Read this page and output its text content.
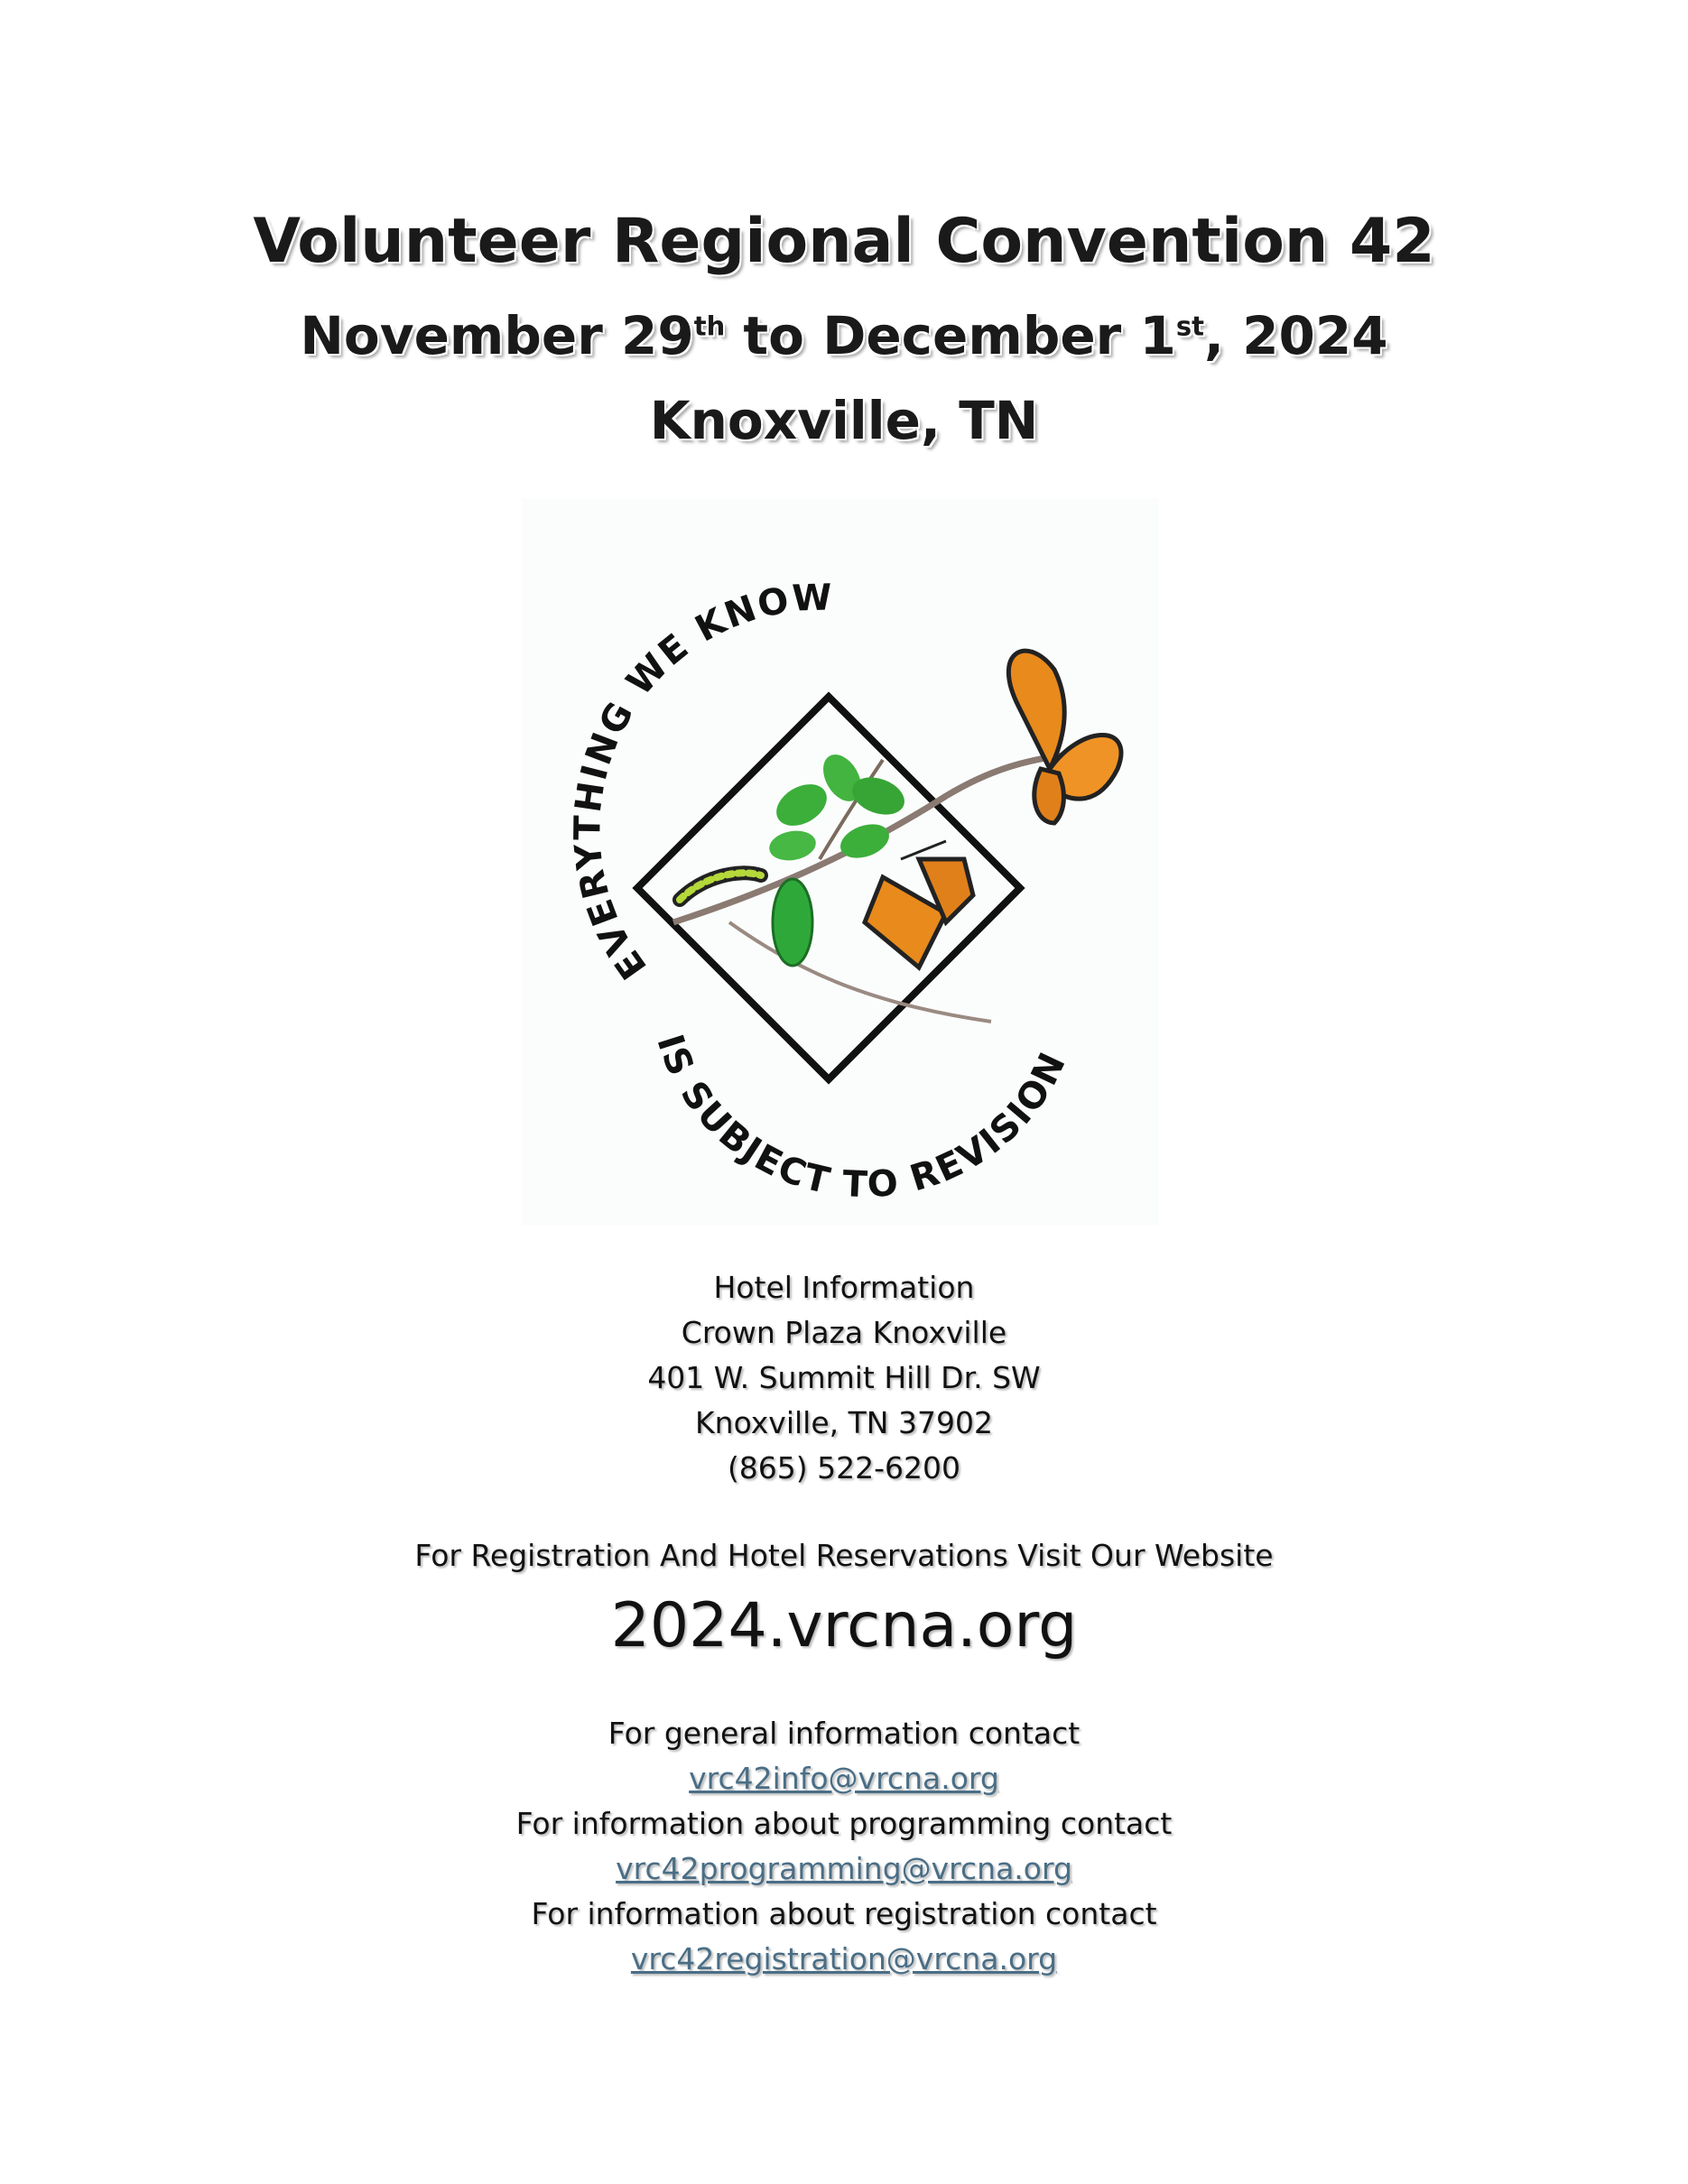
Volunteer Regional Convention 42
November 29th to December 1st, 2024
Knoxville, TN
EVERYTHING WE KNOW
IS SUBJECT TO REVISION
Hotel Information
Crown Plaza Knoxville
401 W. Summit Hill Dr. SW
Knoxville, TN 37902
(865) 522-6200
For Registration And Hotel Reservations Visit Our Website
2024.vrcna.org
For general information contact
vrc42info@vrcna.org
For information about programming contact
vrc42programming@vrcna.org
For information about registration contact
vrc42registration@vrcna.org
